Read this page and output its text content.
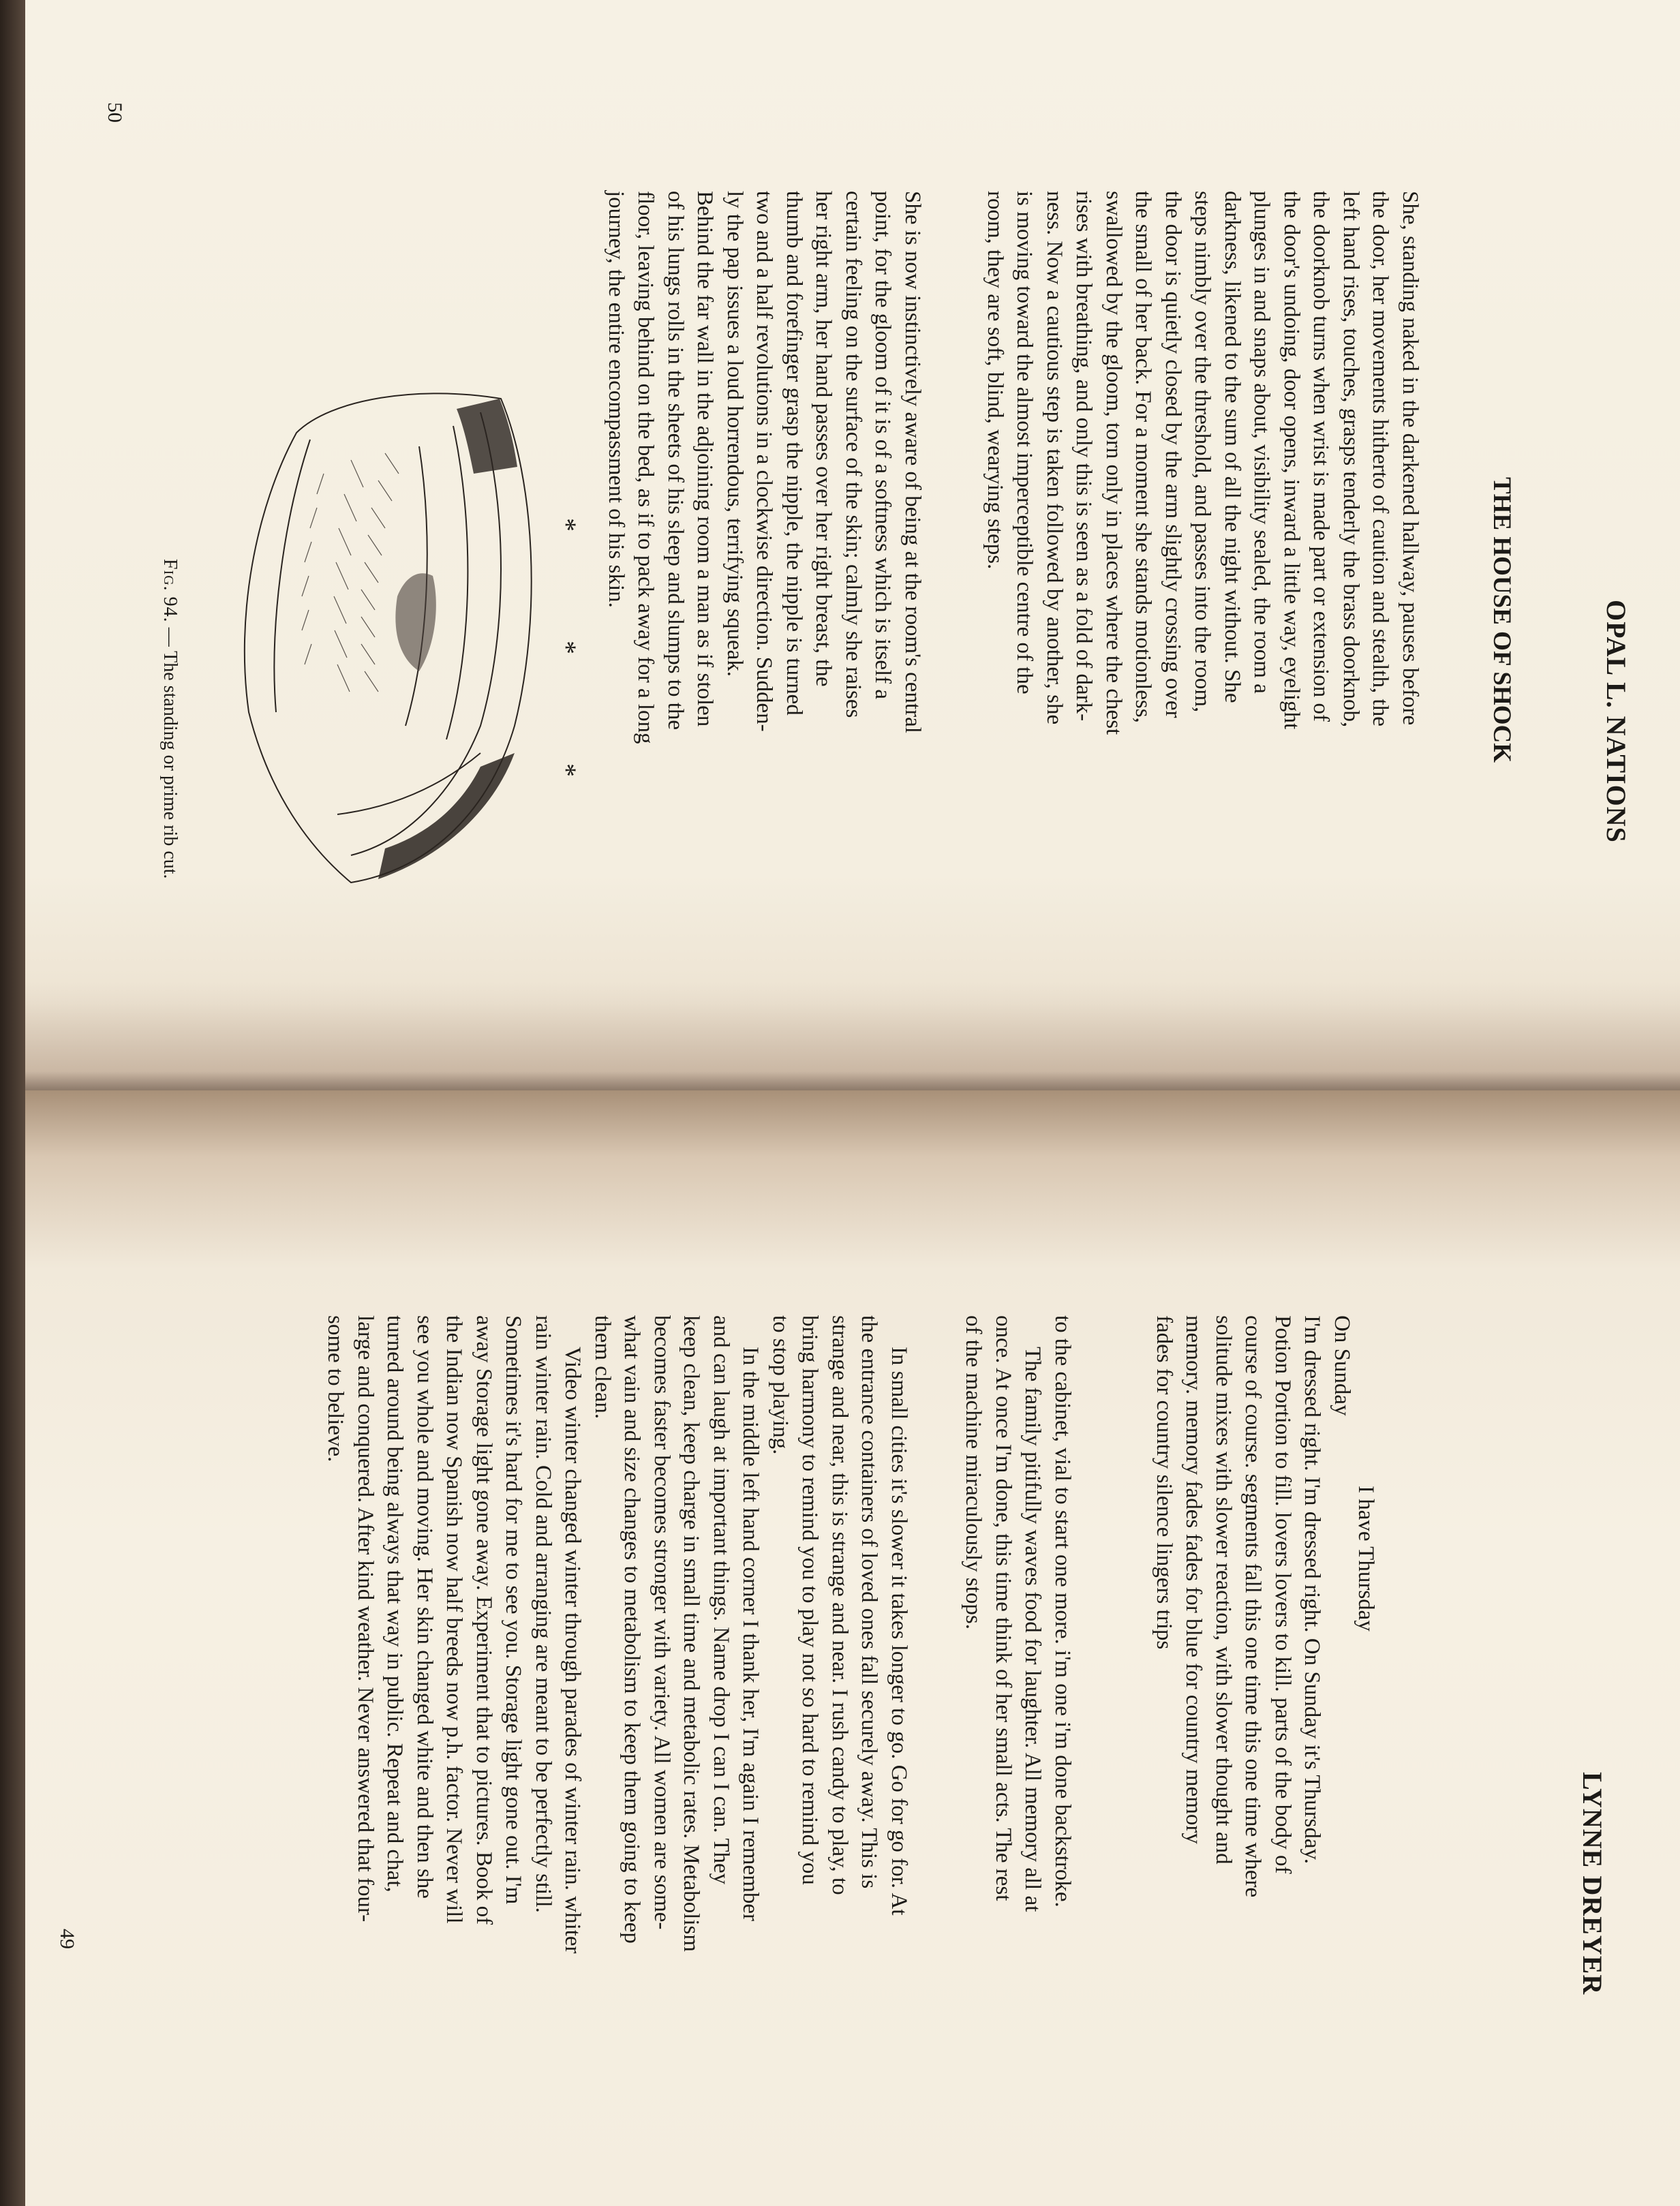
OPAL L. NATIONS
THE HOUSE OF SHOCK
50
She, standing naked in the darkened hallway, pauses before
the door, her movements hitherto of caution and stealth, the
left hand rises, touches, grasps tenderly the brass doorknob,
the doorknob turns when wrist is made part or extension of
the door's undoing, door opens, inward a little way, eyelight
plunges in and snaps about, visibility sealed, the room a
darkness, likened to the sum of all the night without. She
steps nimbly over the threshold, and passes into the room,
the door is quietly closed by the arm slightly crossing over
the small of her back. For a moment she stands motionless,
swallowed by the gloom, torn only in places where the chest
rises with breathing, and only this is seen as a fold of dark-
ness. Now a cautious step is taken followed by another, she
is moving toward the almost imperceptible centre of the
room, they are soft, blind, wearying steps.
She is now instinctively aware of being at the room's central
point, for the gloom of it is of a softness which is itself a
certain feeling on the surface of the skin; calmly she raises
her right arm, her hand passes over her right breast, the
thumb and forefinger grasp the nipple, the nipple is turned
two and a half revolutions in a clockwise direction. Sudden-
ly the pap issues a loud horrendous, terrifying squeak.
Behind the far wall in the adjoining room a man as if stolen
of his lungs rolls in the sheets of his sleep and slumps to the
floor, leaving behind on the bed, as if to pack away for a long
journey, the entire encompassment of his skin.
***
Fig. 94. — The standing or prime rib cut.
LYNNE DREYER
49
I have Thursday
On Sunday
I'm dressed right. I'm dressed right. On Sunday it's Thursday.
Potion Portion to fill. lovers lovers to kill. parts of the body of
course of course. segments fall this one time this one time where
solitude mixes with slower reaction, with slower thought and
memory. memory fades fades for blue for country memory
fades for country silence lingers trips
to the cabinet, vial to start one more. i'm one i'm done backstroke.
The family pitifully waves food for laughter. All memory all at
once. At once I'm done, this time think of her small acts. The rest
of the machine miraculously stops.
In small cities it's slower it takes longer to go. Go for go for. At
the entrance containers of loved ones fall securely away. This is
strange and near, this is strange and near. I rush candy to play, to
bring harmony to remind you to play not so hard to remind you
to stop playing.
In the middle left hand corner I thank her, I'm again I remember
and can laugh at important things. Name drop I can I can. They
keep clean, keep charge in small time and metabolic rates. Metabolism
becomes faster becomes stronger with variety. All women are some-
what vain and size changes to metabolism to keep them going to keep
them clean.
Video winter changed winter through parades of winter rain. whiter
rain winter rain. Cold and arranging are meant to be perfectly still.
Sometimes it's hard for me to see you. Storage light gone out. I'm
away Storage light gone away. Experiment that to pictures. Book of
the Indian now Spanish now half breeds now p.h. factor. Never will
see you whole and moving. Her skin changed white and then she
turned around being always that way in public. Repeat and chat,
large and conquered. After kind weather. Never answered that four-
some to believe.
